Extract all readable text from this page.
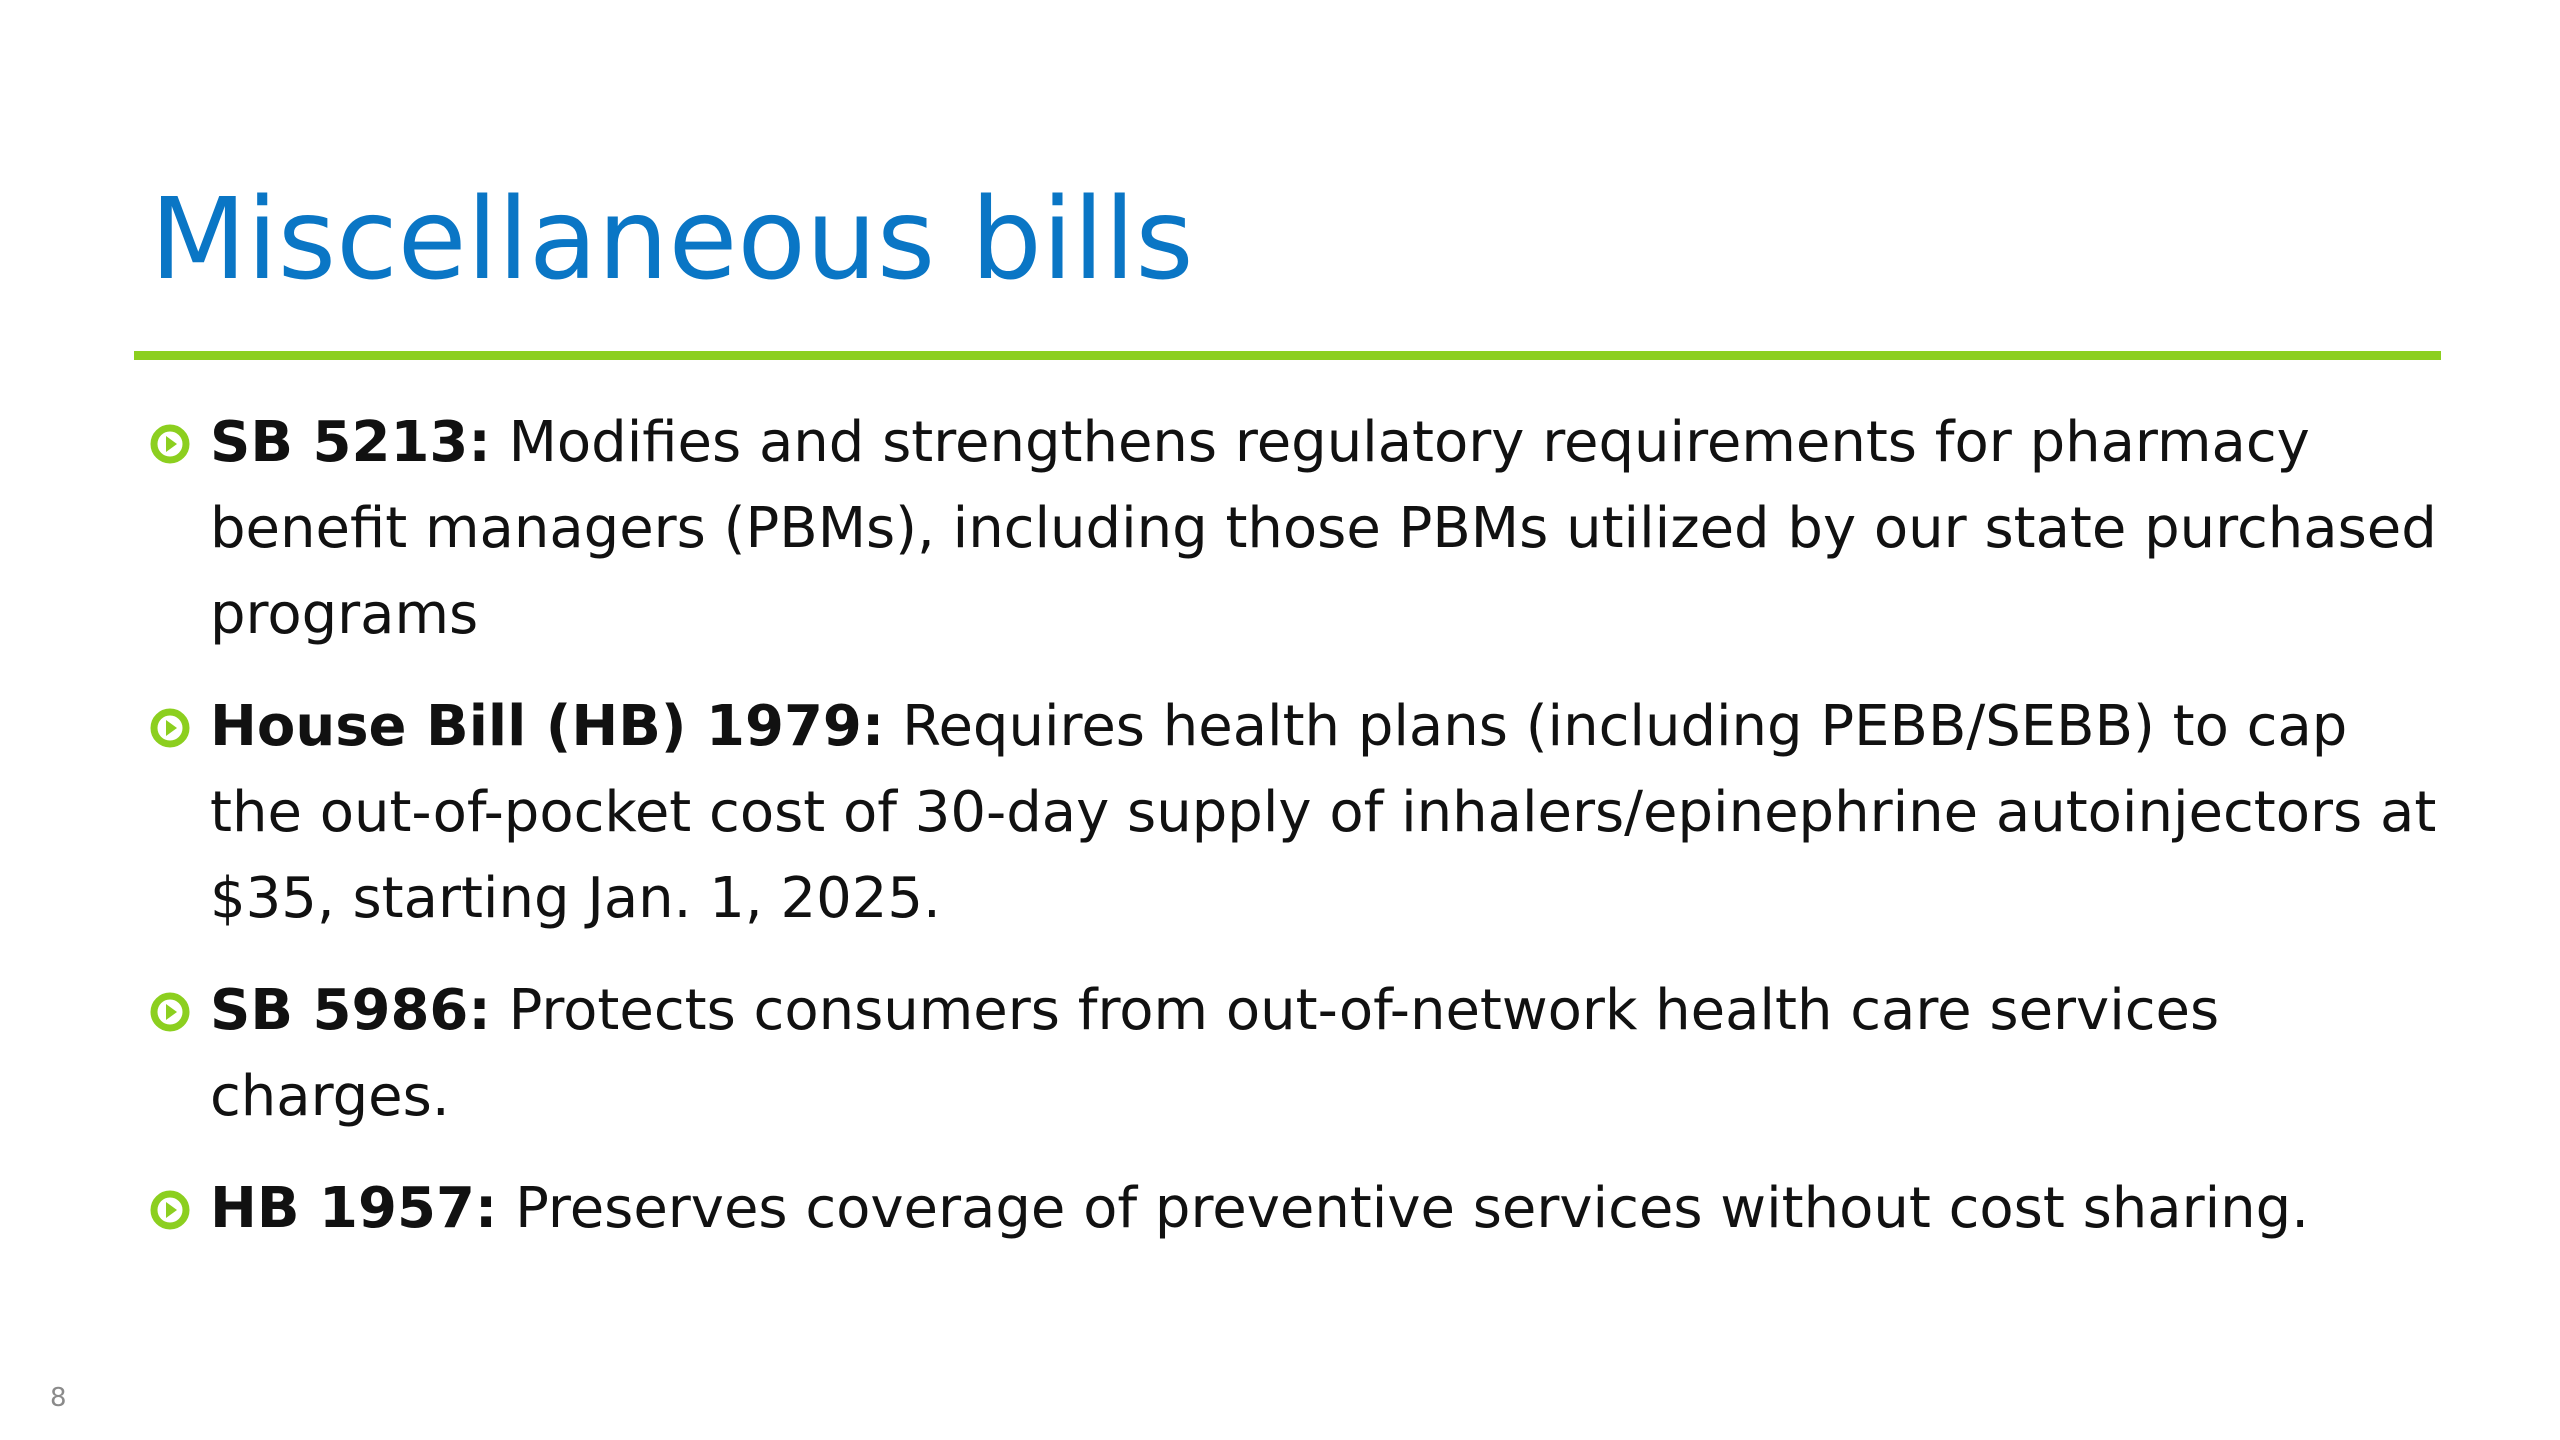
Miscellaneous bills
SB 5213: Modifies and strengthens regulatory requirements for pharmacy benefit managers (PBMs), including those PBMs utilized by our state purchased programs
House Bill (HB) 1979: Requires health plans (including PEBB/SEBB) to cap the out-of-pocket cost of 30-day supply of inhalers/epinephrine autoinjectors at $35, starting Jan. 1, 2025.
SB 5986: Protects consumers from out-of-network health care services charges.
HB 1957: Preserves coverage of preventive services without cost sharing.
8
